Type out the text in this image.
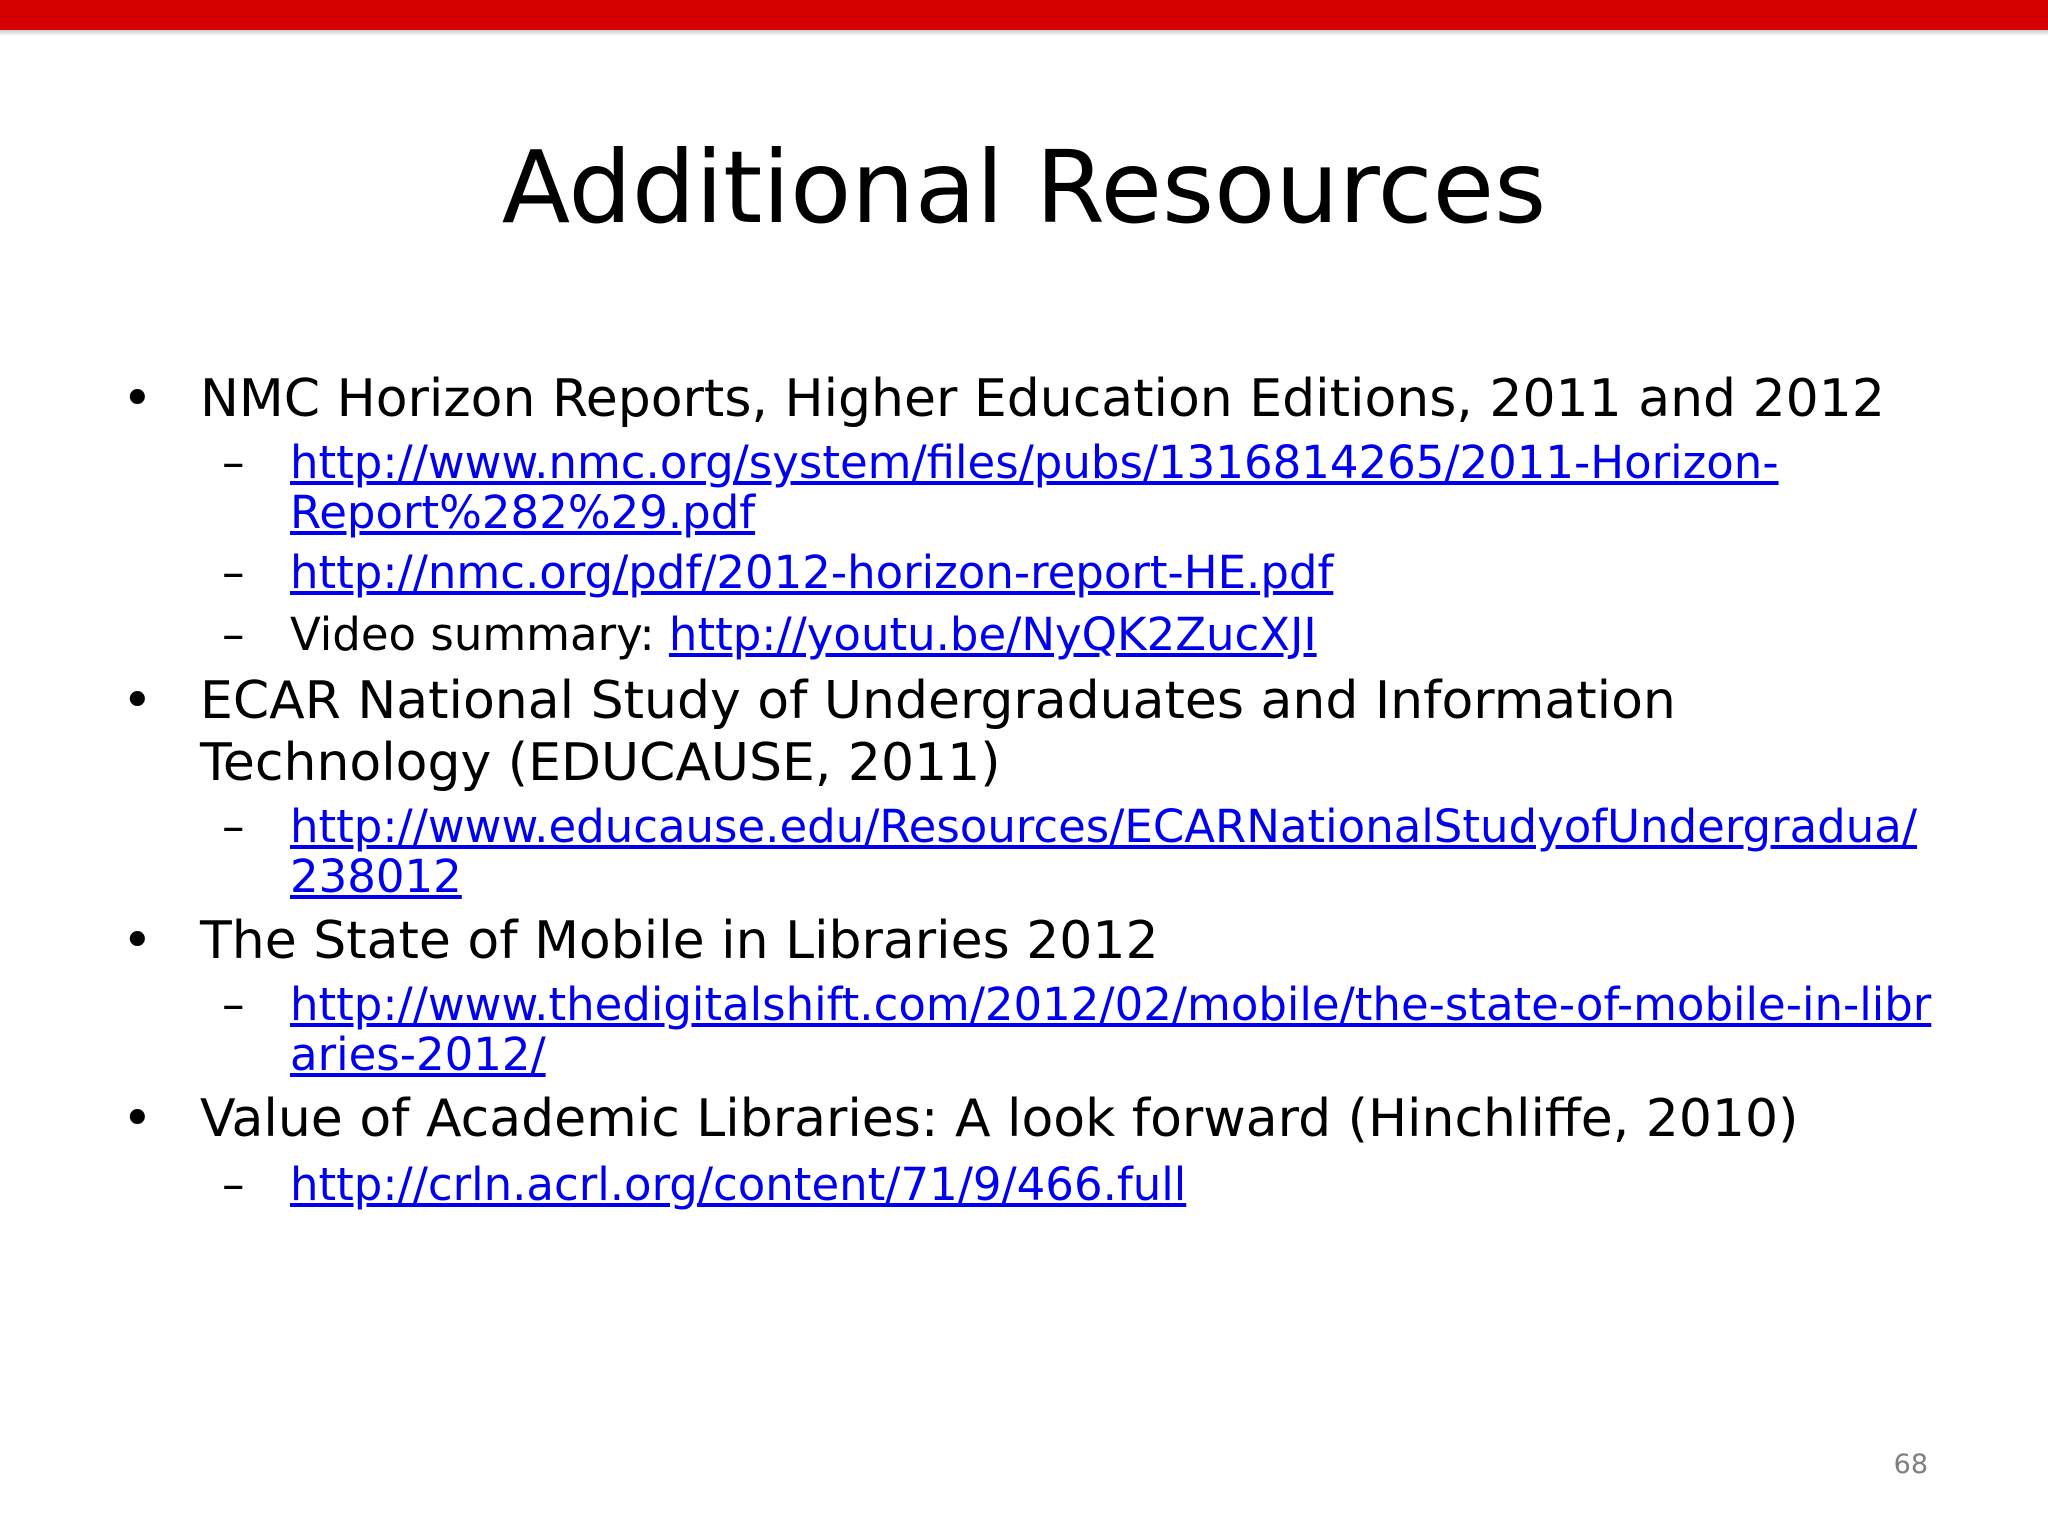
Additional Resources
• NMC Horizon Reports, Higher Education Editions, 2011 and 2012
– http://www.nmc.org/system/files/pubs/1316814265/2011-Horizon-Report%282%29.pdf
– http://nmc.org/pdf/2012-horizon-report-HE.pdf
– Video summary: http://youtu.be/NyQK2ZucXJI
• ECAR National Study of Undergraduates and Information Technology (EDUCAUSE, 2011)
– http://www.educause.edu/Resources/ECARNationalStudyofUndergradua/238012
• The State of Mobile in Libraries 2012
– http://www.thedigitalshift.com/2012/02/mobile/the-state-of-mobile-in-libraries-2012/
• Value of Academic Libraries: A look forward (Hinchliffe, 2010)
– http://crln.acrl.org/content/71/9/466.full
68
